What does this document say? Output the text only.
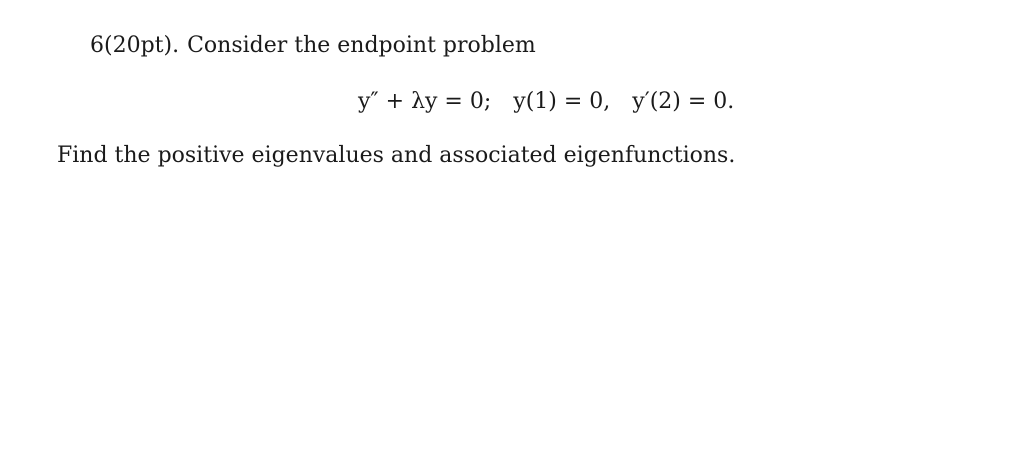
6(20pt). Consider the endpoint problem
y″ + λy = 0; y(1) = 0, y′(2) = 0.
Find the positive eigenvalues and associated eigenfunctions.
